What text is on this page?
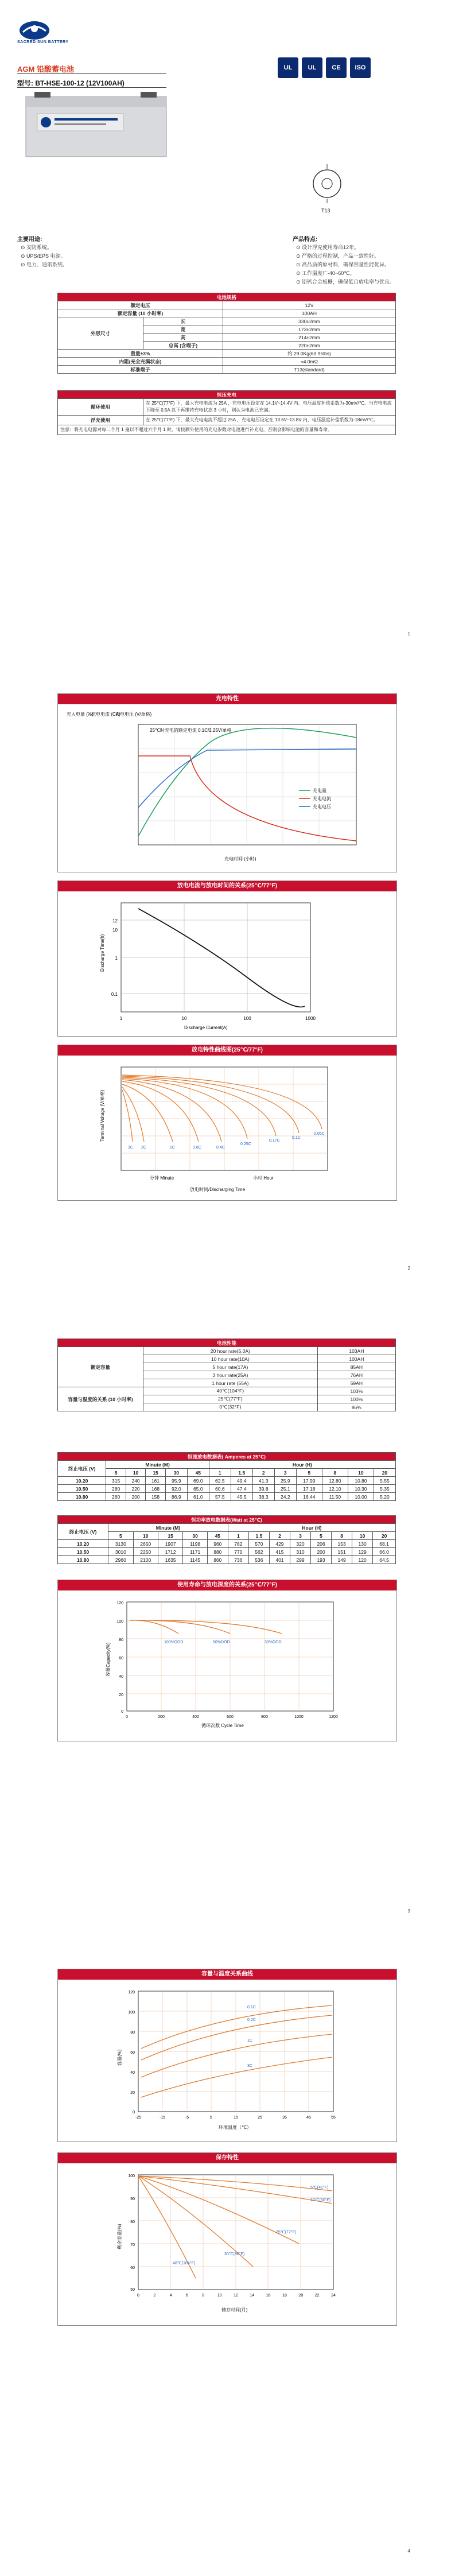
SACRED SUN BATTERY
UL UL CE ISO
AGM 铅酸蓄电池
型号: BT-HSE-100-12 (12V100AH)
T13
主要用途:
⊙ 安防系统。
⊙ UPS/EPS 电源。
⊙ 电力、通讯系统。
产品特点:
⊙ 设计浮充使用寿命12年。
⊙ 严格的过程控制，产品一致性好。
⊙ 高品质的原材料，确保容量性能优异。
⊙ 工作温度广-40~60℃。
⊙ 铅钙合金板栅，确保低自放电率与优良。
电池规格		
额定电压		12V
额定容量 (10 小时率)		100AH
外形尺寸	长	330±2mm
	宽	173±2mm
	高	214±2mm
	总高 (含端子)	220±2mm
重量±3%		约 29.0Kg(63.95lbs)
内阻(充全充满状态)		≈4.0mΩ
标准端子		T13(standard)
恒压充电	
循环使用	在 25℃(77°F) 下，最大充电电流为 25A ，充电电压设定在 14.1V~14.4V 内。电压温度补偿系数为-30mV/℃。当充电电流下降至 0.5A 以下再维持充电状态 3 小时，则认为电池已充满。
浮充使用	在 25℃(77°F) 下，最大充电电流不超过 25A ，充电电压设定在 13.6V~13.8V 内，电压温度补偿系数为-18mV/℃。
注意：将充电电源对每二个月 1 遍以不超过六个月 1 时，请按额外使用的充电参数对电池进行补充电，否则会影响电池的容量和寿命。	
1
充电特性
充入电量 (%)
充电电流 (CA)
充电电压 (V/单格)
25℃时充电的额定电流 0.1C/2.25V/单格
充电量
充电电流
充电电压
充电时间 (小时)
放电电流与放电时间的关系(25℃/77°F)
12
10
1
0.1
1	10	100	1000
Discharge Current(A)
Discharge Time(h)
放电特性曲线图(25℃/77°F)
3C 2C	1C	0.6C	0.4C
0.25C
0.17C
0.1C
0.05C
Terminal Voltage (V/单格)
分钟 Minute	小时 Hour
放电时间/Discharging Time
2
电池性能		
额定容量	20 hour rate(5.0A)	103AH
	10 hour rate(10A)	100AH
	5 hour rate(17A)	85AH
	3 hour rate(25A)	76AH
	1 hour rate (55A)	59AH
容量与温度的关系 (10 小时率)	40℃(104°F)	103%
	25℃(77°F)	100%
	0℃(32°F)	86%
恒流放电数据表( Amperes at 25℃)													
终止电压 (V)	Minute (M)					Hour (H)							
	5	10	15	30	45	1	1.5	2	3	5	8	10	20
10.20	315	240	161	95.9	69.0	62.5	49.4	41.3	25.9	17.99	12.80	10.80	5.55
10.50	280	220	168	92.0	65.0	60.6	47.4	39.8	25.1	17.18	12.10	10.30	5.35
10.80	260	200	158	86.9	61.0	57.5	45.5	38.3	24.2	16.44	11.50	10.00	5.20
恒功率放电数据表(Watt at 25℃)													
终止电压 (V)	Minute (M)					Hour (H)							
	5	10	15	30	45	1	1.5	2	3	5	8	10	20
10.20	3130	2650	1907	1198	960	782	570	429	320	206	153	130	68.1
10.50	3010	2250	1712	1171	880	770	562	415	310	200	151	129	66.0
10.80	2960	2100	1635	1145	860	736	536	401	299	193	149	120	64.5
使用寿命与放电深度的关系(25℃/77°F)
100%DOD	50%DOD	30%DOD
120
100
80
60
40
20
0
0	200	400	600	800	1000	1200
容量Capacity(%)
循环次数 Cycle Time
3
容量与温度关系曲线
0.1C
0.2C
1C
3C
120
100
80
60
40
20
0
-25	-15	-5	5	15	25	35	45	55
容量(%)
环境温度（℃）
保存特性
5℃(41°F)
10℃(50°F)
25℃(77°F)
30℃(86°F)
40℃(104°F)
100
90
80
70
60
50
0	2	4	6	8	10	12	14	16	18	20	22	24
剩余容量(%)
储存时间(月)
4
